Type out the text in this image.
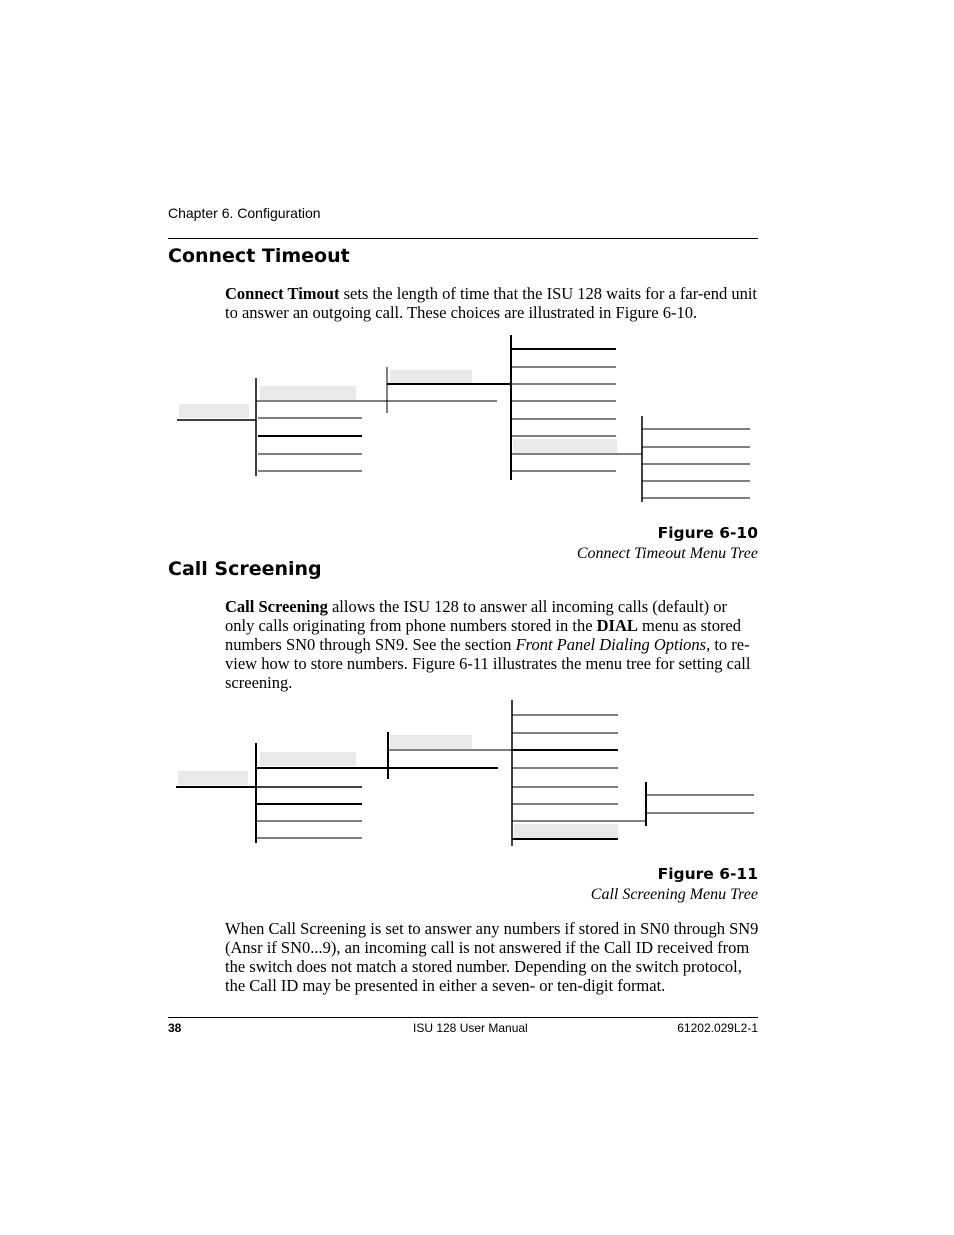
Chapter 6. Configuration
Connect Timeout
Connect Timout sets the length of time that the ISU 128 waits for a far-end unit to answer an outgoing call. These choices are illustrated in Figure 6-10.
Figure 6-10
Connect Timeout Menu Tree
Call Screening
Call Screening allows the ISU 128 to answer all incoming calls (default) or only calls originating from phone numbers stored in the DIAL menu as stored numbers SN0 through SN9. See the section Front Panel Dialing Options, to re-view how to store numbers. Figure 6-11 illustrates the menu tree for setting call screening.
Figure 6-11
Call Screening Menu Tree
When Call Screening is set to answer any numbers if stored in SN0 through SN9 (Ansr if SN0...9), an incoming call is not answered if the Call ID received from the switch does not match a stored number. Depending on the switch protocol, the Call ID may be presented in either a seven- or ten-digit format.
38	ISU 128 User Manual	61202.029L2-1
